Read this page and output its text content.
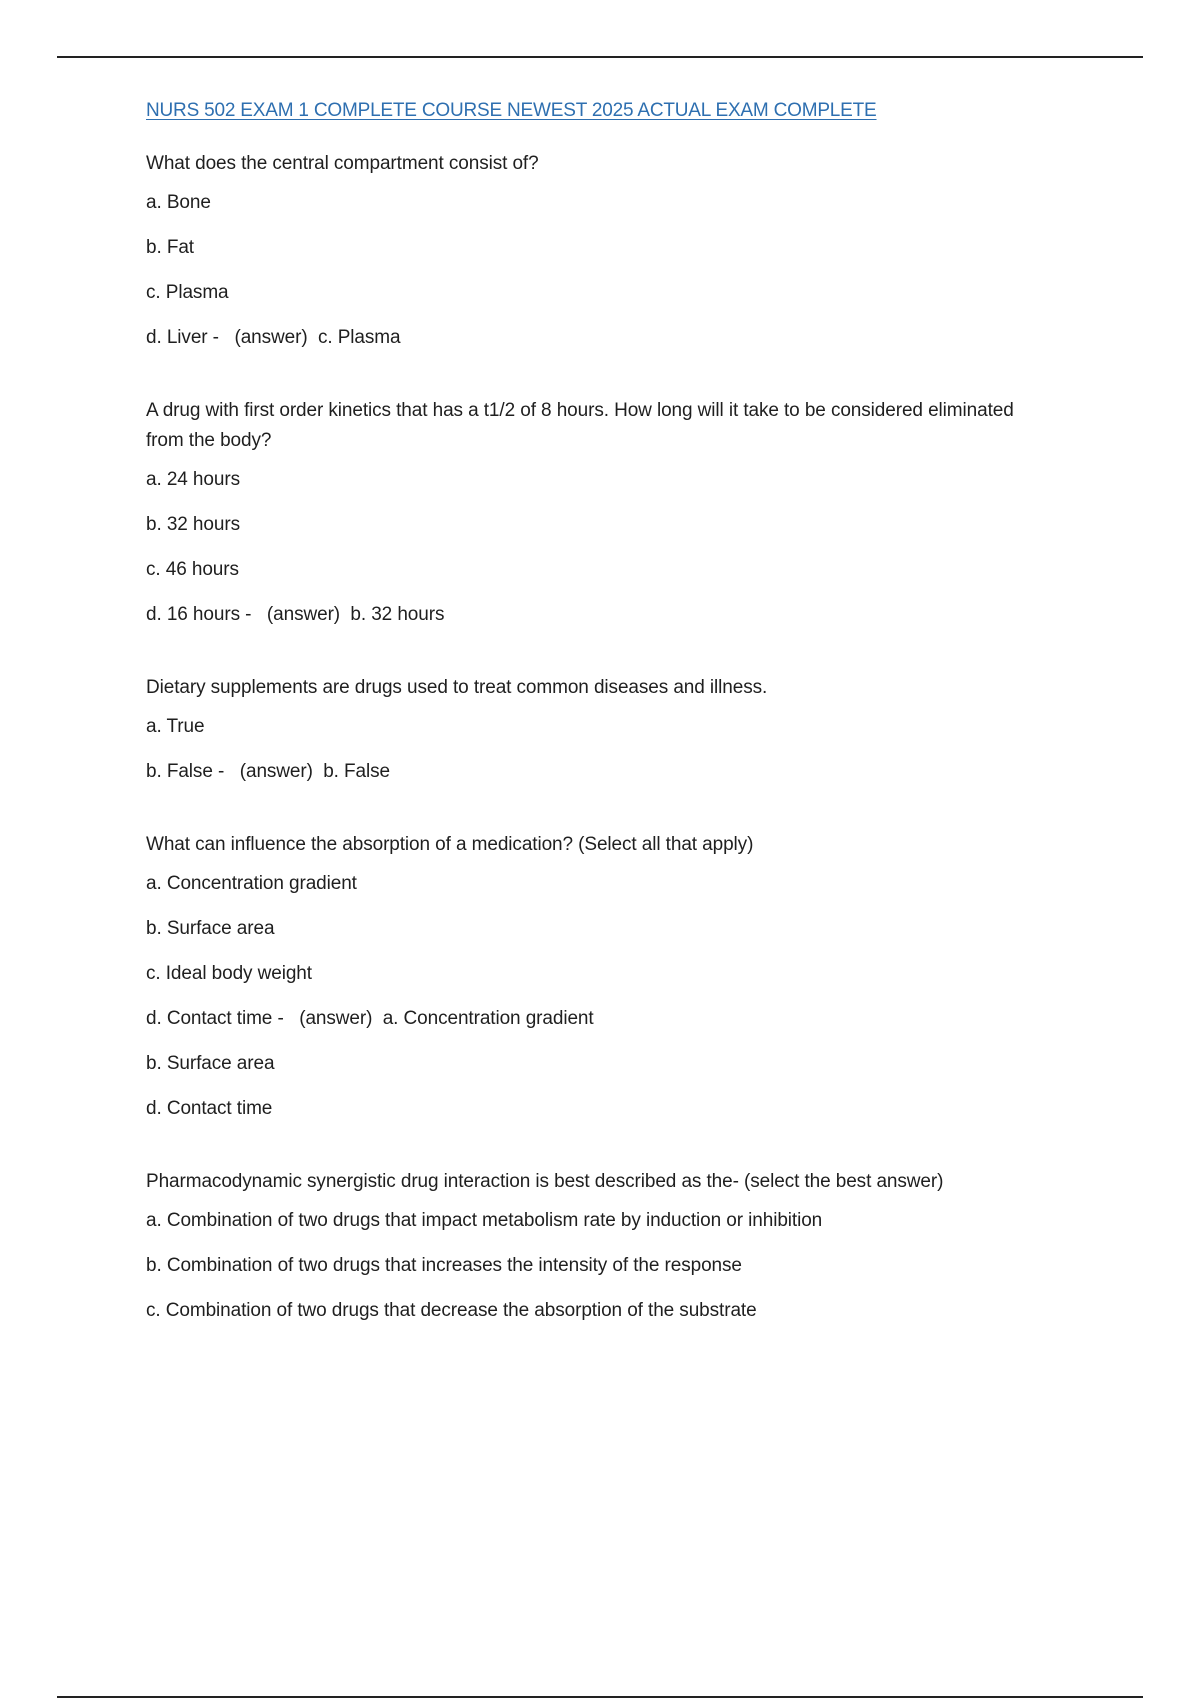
NURS 502 EXAM 1 COMPLETE COURSE NEWEST 2025 ACTUAL EXAM COMPLETE
What does the central compartment consist of?
a. Bone
b. Fat
c. Plasma
d. Liver - (answer) c. Plasma
A drug with first order kinetics that has a t1/2 of 8 hours. How long will it take to be considered eliminated from the body?
a. 24 hours
b. 32 hours
c. 46 hours
d. 16 hours - (answer) b. 32 hours
Dietary supplements are drugs used to treat common diseases and illness.
a. True
b. False - (answer) b. False
What can influence the absorption of a medication? (Select all that apply)
a. Concentration gradient
b. Surface area
c. Ideal body weight
d. Contact time - (answer) a. Concentration gradient
b. Surface area
d. Contact time
Pharmacodynamic synergistic drug interaction is best described as the- (select the best answer)
a. Combination of two drugs that impact metabolism rate by induction or inhibition
b. Combination of two drugs that increases the intensity of the response
c. Combination of two drugs that decrease the absorption of the substrate
